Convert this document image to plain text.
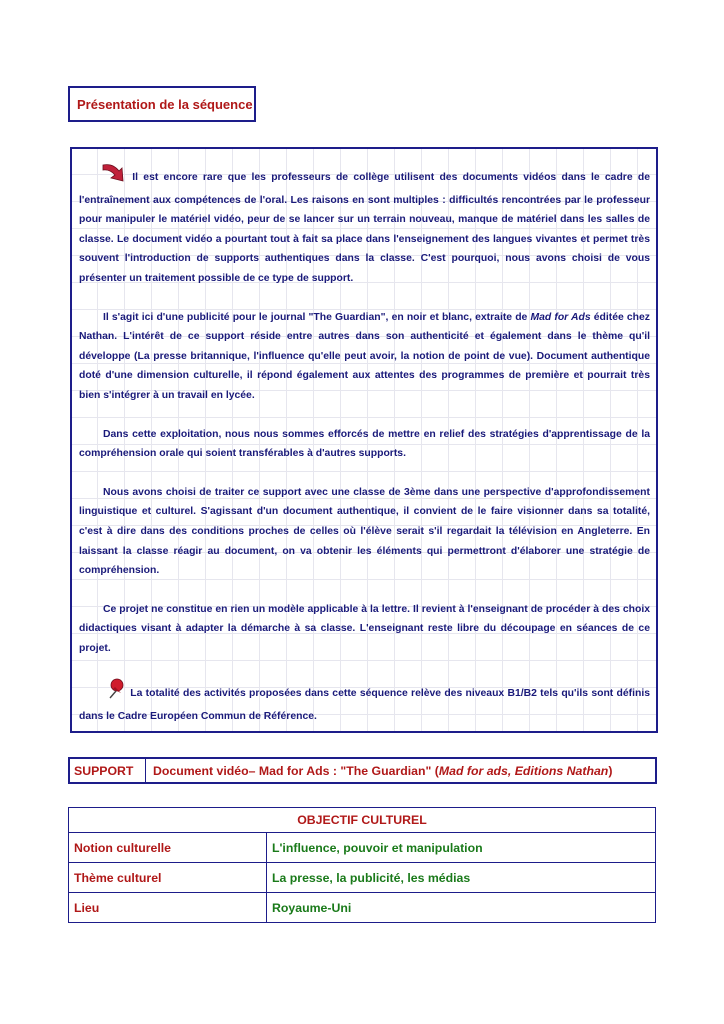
Présentation de la séquence

Il est encore rare que les professeurs de collège utilisent des documents vidéos dans le cadre de l'entraînement aux compétences de l'oral. Les raisons en sont multiples : difficultés rencontrées par le professeur pour manipuler le matériel vidéo, peur de se lancer sur un terrain nouveau, manque de matériel dans les salles de classe. Le document vidéo a pourtant tout à fait sa place dans l'enseignement des langues vivantes et permet très souvent l'introduction de supports authentiques dans la classe. C'est pourquoi, nous avons choisi de vous présenter un traitement possible de ce type de support.

Il s'agit ici d'une publicité pour le journal "The Guardian", en noir et blanc, extraite de Mad for Ads éditée chez Nathan. L'intérêt de ce support réside entre autres dans son authenticité et également dans le thème qu'il développe (La presse britannique, l'influence qu'elle peut avoir, la notion de point de vue). Document authentique doté d'une dimension culturelle, il répond également aux attentes des programmes de première et pourrait très bien s'intégrer à un travail en lycée.

Dans cette exploitation, nous nous sommes efforcés de mettre en relief des stratégies d'apprentissage de la compréhension orale qui soient transférables à d'autres supports.

Nous avons choisi de traiter ce support avec une classe de 3ème dans une perspective d'approfondissement linguistique et culturel. S'agissant d'un document authentique, il convient de le faire visionner dans sa totalité, c'est à dire dans des conditions proches de celles où l'élève serait s'il regardait la télévision en Angleterre. En laissant la classe réagir au document, on va obtenir les éléments qui permettront d'élaborer une stratégie de compréhension.

Ce projet ne constitue en rien un modèle applicable à la lettre. Il revient à l'enseignant de procéder à des choix didactiques visant à adapter la démarche à sa classe. L'enseignant reste libre du découpage en séances de ce projet.

La totalité des activités proposées dans cette séquence relève des niveaux B1/B2 tels qu'ils sont définis dans le Cadre Européen Commun de Référence.

SUPPORT	Document vidéo– Mad for Ads : "The Guardian" (Mad for ads, Editions Nathan)
OBJECTIF CULTUREL	
Notion culturelle	L'influence, pouvoir et manipulation
Thème culturel	La presse, la publicité, les médias
Lieu	Royaume-Uni
